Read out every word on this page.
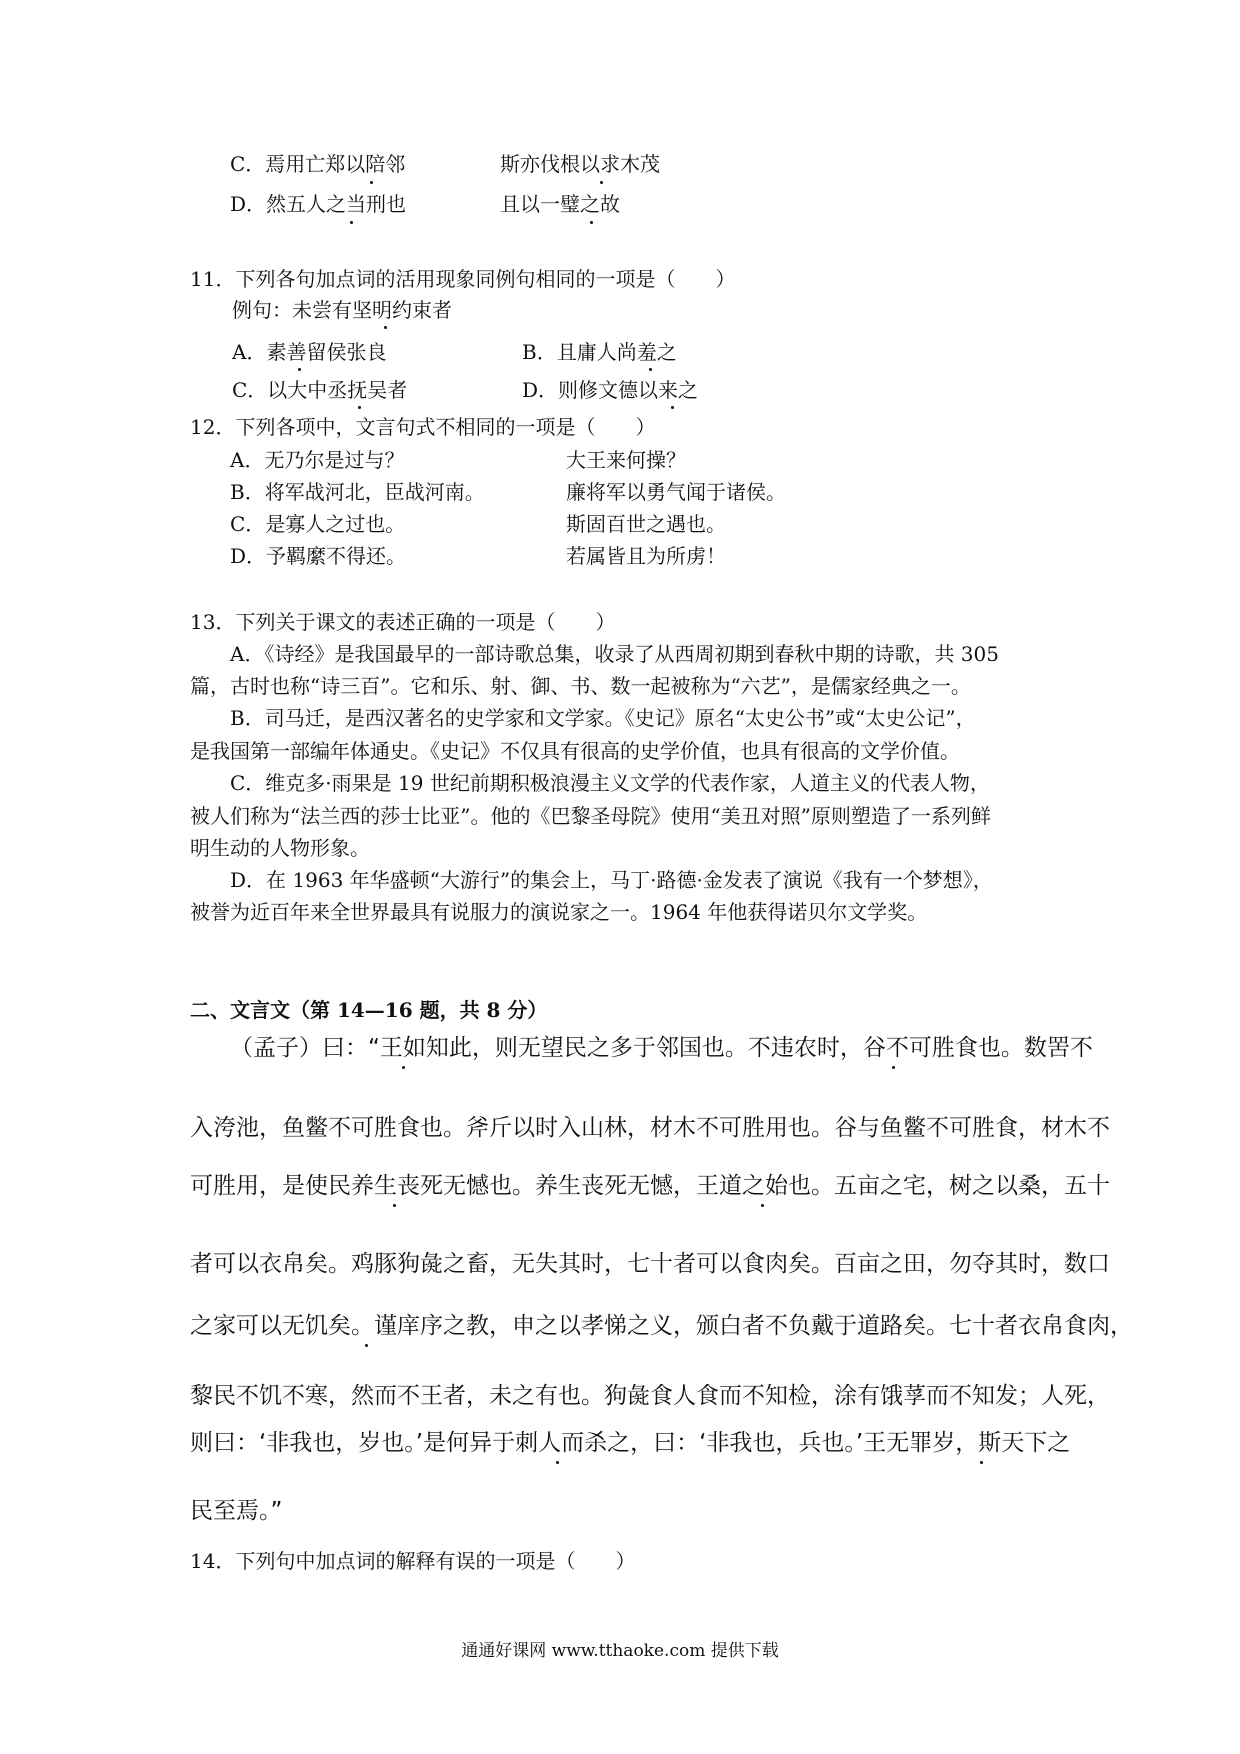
C．焉用亡郑以陪邻	斯亦伐根以求木茂
D．然五人之当刑也	且以一璧之故
11．下列各句加点词的活用现象同例句相同的一项是（　　）
例句：未尝有坚明约束者
A．素善留侯张良	B．且庸人尚羞之
C．以大中丞抚吴者	D．则修文德以来之
12．下列各项中，文言句式不相同的一项是（　　）
A．无乃尔是过与？	大王来何操？
B．将军战河北，臣战河南。	廉将军以勇气闻于诸侯。
C．是寡人之过也。	斯固百世之遇也。
D．予羁縻不得还。	若属皆且为所虏！
13．下列关于课文的表述正确的一项是（　　）
A．《诗经》是我国最早的一部诗歌总集，收录了从西周初期到春秋中期的诗歌，共 305
篇，古时也称“诗三百”。它和乐、射、御、书、数一起被称为“六艺”，是儒家经典之一。
B．司马迁，是西汉著名的史学家和文学家。《史记》原名“太史公书”或“太史公记”，
是我国第一部编年体通史。《史记》不仅具有很高的史学价值，也具有很高的文学价值。
C．维克多·雨果是 19 世纪前期积极浪漫主义文学的代表作家，人道主义的代表人物，
被人们称为“法兰西的莎士比亚”。他的《巴黎圣母院》使用“美丑对照”原则塑造了一系列鲜
明生动的人物形象。
D．在 1963 年华盛顿“大游行”的集会上，马丁·路德·金发表了演说《我有一个梦想》，
被誉为近百年来全世界最具有说服力的演说家之一。1964 年他获得诺贝尔文学奖。
二、文言文（第 14—16 题，共 8 分）
（孟子）曰：“王如知此，则无望民之多于邻国也。不违农时，谷不可胜食也。数罟不
入洿池，鱼鳖不可胜食也。斧斤以时入山林，材木不可胜用也。谷与鱼鳖不可胜食，材木不
可胜用，是使民养生丧死无憾也。养生丧死无憾，王道之始也。五亩之宅，树之以桑，五十
者可以衣帛矣。鸡豚狗彘之畜，无失其时，七十者可以食肉矣。百亩之田，勿夺其时，数口
之家可以无饥矣。谨庠序之教，申之以孝悌之义，颁白者不负戴于道路矣。七十者衣帛食肉，
黎民不饥不寒，然而不王者，未之有也。狗彘食人食而不知检，涂有饿莩而不知发；人死，
则曰：‘非我也，岁也。’是何异于刺人而杀之，曰：‘非我也，兵也。’王无罪岁，斯天下之
民至焉。”
14．下列句中加点词的解释有误的一项是（　　）
通通好课网 www.tthaoke.com 提供下载
